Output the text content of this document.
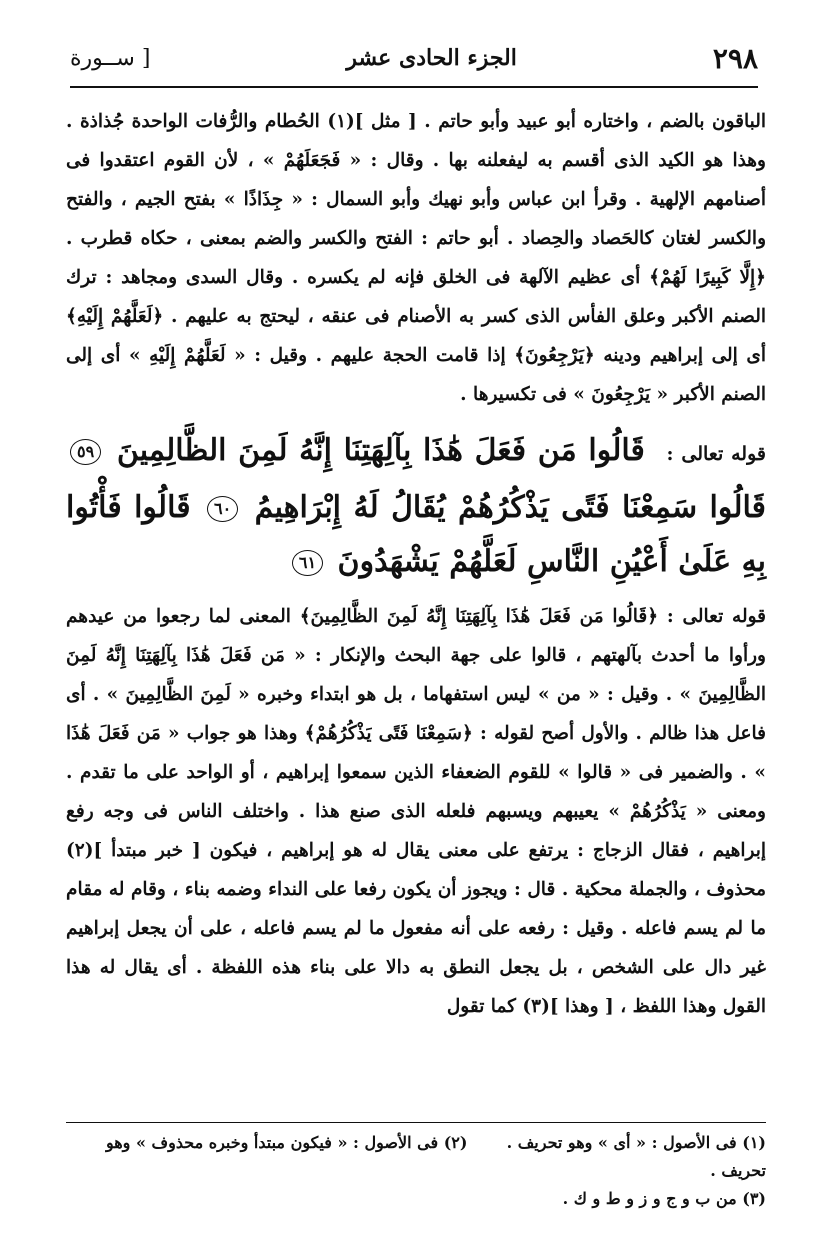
٢٩٨
الجزء الحادى عشر
[ ســورة

الباقون بالضم ، واختاره أبو عبيد وأبو حاتم . [ مثل ](١) الحُطام والرُّفات الواحدة جُذاذة . وهذا هو الكيد الذى أقسم به ليفعلنه بها . وقال : « فَجَعَلَهُمْ » ، لأن القوم اعتقدوا فى أصنامهم الإلهية . وقرأ ابن عباس وأبو نهيك وأبو السمال : « جِذَاذًا » بفتح الجيم ، والفتح والكسر لغتان كالحَصاد والحِصاد . أبو حاتم : الفتح والكسر والضم بمعنى ، حكاه قطرب . ﴿إِلَّا كَبِيرًا لَهُمْ﴾ أى عظيم الآلهة فى الخلق فإنه لم يكسره . وقال السدى ومجاهد : ترك الصنم الأكبر وعلق الفأس الذى كسر به الأصنام فى عنقه ، ليحتج به عليهم . ﴿لَعَلَّهُمْ إِلَيْهِ﴾ أى إلى إبراهيم ودينه ﴿يَرْجِعُونَ﴾ إذا قامت الحجة عليهم . وقيل : « لَعَلَّهُمْ إِلَيْهِ » أى إلى الصنم الأكبر « يَرْجِعُونَ » فى تكسيرها .

قوله تعالى : قَالُوا مَن فَعَلَ هَٰذَا بِآلِهَتِنَا إِنَّهُ لَمِنَ الظَّالِمِينَ ٥٩ قَالُوا سَمِعْنَا فَتًى يَذْكُرُهُمْ يُقَالُ لَهُ إِبْرَاهِيمُ ٦٠ قَالُوا فَأْتُوا بِهِ عَلَىٰ أَعْيُنِ النَّاسِ لَعَلَّهُمْ يَشْهَدُونَ ٦١

قوله تعالى : ﴿قَالُوا مَن فَعَلَ هَٰذَا بِآلِهَتِنَا إِنَّهُ لَمِنَ الظَّالِمِينَ﴾ المعنى لما رجعوا من عيدهم ورأوا ما أحدث بآلهتهم ، قالوا على جهة البحث والإنكار : « مَن فَعَلَ هَٰذَا بِآلِهَتِنَا إِنَّهُ لَمِنَ الظَّالِمِينَ » . وقيل : « من » ليس استفهاما ، بل هو ابتداء وخبره « لَمِنَ الظَّالِمِينَ » . أى فاعل هذا ظالم . والأول أصح لقوله : ﴿سَمِعْنَا فَتًى يَذْكُرُهُمْ﴾ وهذا هو جواب « مَن فَعَلَ هَٰذَا » . والضمير فى « قالوا » للقوم الضعفاء الذين سمعوا إبراهيم ، أو الواحد على ما تقدم . ومعنى « يَذْكُرُهُمْ » يعيبهم ويسبهم فلعله الذى صنع هذا . واختلف الناس فى وجه رفع إبراهيم ، فقال الزجاج : يرتفع على معنى يقال له هو إبراهيم ، فيكون [ خبر مبتدأ ](٢) محذوف ، والجملة محكية . قال : ويجوز أن يكون رفعا على النداء وضمه بناء ، وقام له مقام ما لم يسم فاعله . وقيل : رفعه على أنه مفعول ما لم يسم فاعله ، على أن يجعل إبراهيم غير دال على الشخص ، بل يجعل النطق به دالا على بناء هذه اللفظة . أى يقال له هذا القول وهذا اللفظ ، [ وهذا ](٣) كما تقول

(١) فى الأصول : « أى » وهو تحريف .  (٢) فى الأصول : « فيكون مبتدأ وخبره محذوف » وهو تحريف .
(٣) من ب و ج و ز و ط و ك .
